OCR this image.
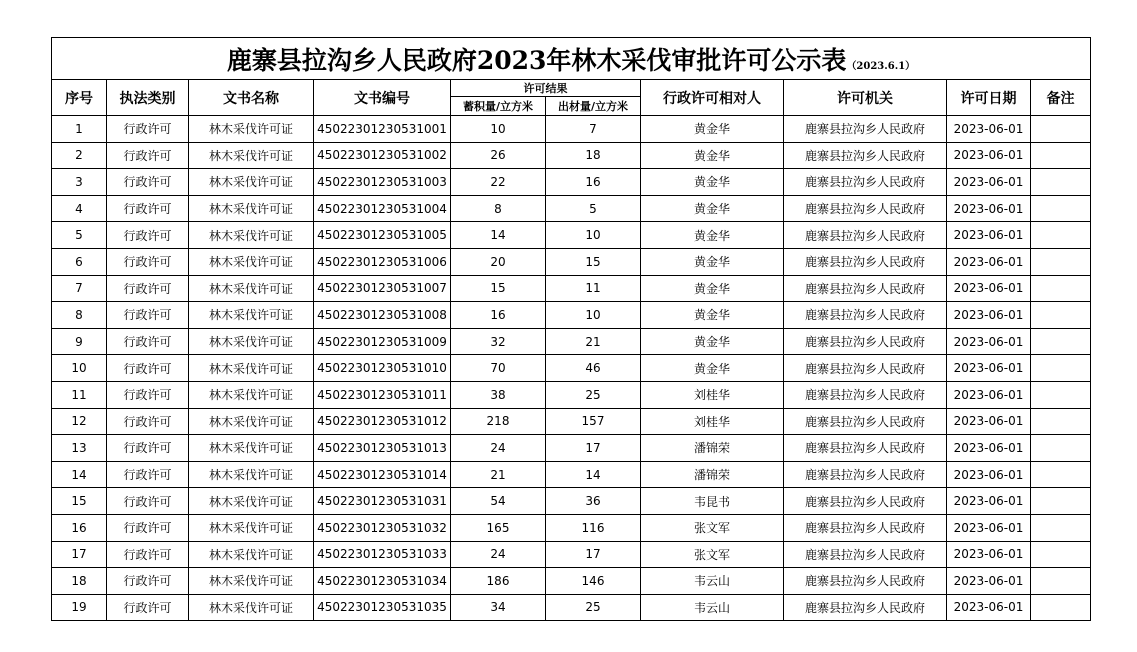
鹿寨县拉沟乡人民政府2023年林木采伐审批许可公示表（2023.6.1）									
序号	执法类别	文书名称	文书编号	许可结果		行政许可相对人	许可机关	许可日期	备注
				蓄积量/立方米	出材量/立方米				
1	行政许可	林木采伐许可证	45022301230531001	10	7	黄金华	鹿寨县拉沟乡人民政府	2023-06-01	
2	行政许可	林木采伐许可证	45022301230531002	26	18	黄金华	鹿寨县拉沟乡人民政府	2023-06-01	
3	行政许可	林木采伐许可证	45022301230531003	22	16	黄金华	鹿寨县拉沟乡人民政府	2023-06-01	
4	行政许可	林木采伐许可证	45022301230531004	8	5	黄金华	鹿寨县拉沟乡人民政府	2023-06-01	
5	行政许可	林木采伐许可证	45022301230531005	14	10	黄金华	鹿寨县拉沟乡人民政府	2023-06-01	
6	行政许可	林木采伐许可证	45022301230531006	20	15	黄金华	鹿寨县拉沟乡人民政府	2023-06-01	
7	行政许可	林木采伐许可证	45022301230531007	15	11	黄金华	鹿寨县拉沟乡人民政府	2023-06-01	
8	行政许可	林木采伐许可证	45022301230531008	16	10	黄金华	鹿寨县拉沟乡人民政府	2023-06-01	
9	行政许可	林木采伐许可证	45022301230531009	32	21	黄金华	鹿寨县拉沟乡人民政府	2023-06-01	
10	行政许可	林木采伐许可证	45022301230531010	70	46	黄金华	鹿寨县拉沟乡人民政府	2023-06-01	
11	行政许可	林木采伐许可证	45022301230531011	38	25	刘桂华	鹿寨县拉沟乡人民政府	2023-06-01	
12	行政许可	林木采伐许可证	45022301230531012	218	157	刘桂华	鹿寨县拉沟乡人民政府	2023-06-01	
13	行政许可	林木采伐许可证	45022301230531013	24	17	潘锦荣	鹿寨县拉沟乡人民政府	2023-06-01	
14	行政许可	林木采伐许可证	45022301230531014	21	14	潘锦荣	鹿寨县拉沟乡人民政府	2023-06-01	
15	行政许可	林木采伐许可证	45022301230531031	54	36	韦昆书	鹿寨县拉沟乡人民政府	2023-06-01	
16	行政许可	林木采伐许可证	45022301230531032	165	116	张文军	鹿寨县拉沟乡人民政府	2023-06-01	
17	行政许可	林木采伐许可证	45022301230531033	24	17	张文军	鹿寨县拉沟乡人民政府	2023-06-01	
18	行政许可	林木采伐许可证	45022301230531034	186	146	韦云山	鹿寨县拉沟乡人民政府	2023-06-01	
19	行政许可	林木采伐许可证	45022301230531035	34	25	韦云山	鹿寨县拉沟乡人民政府	2023-06-01	
